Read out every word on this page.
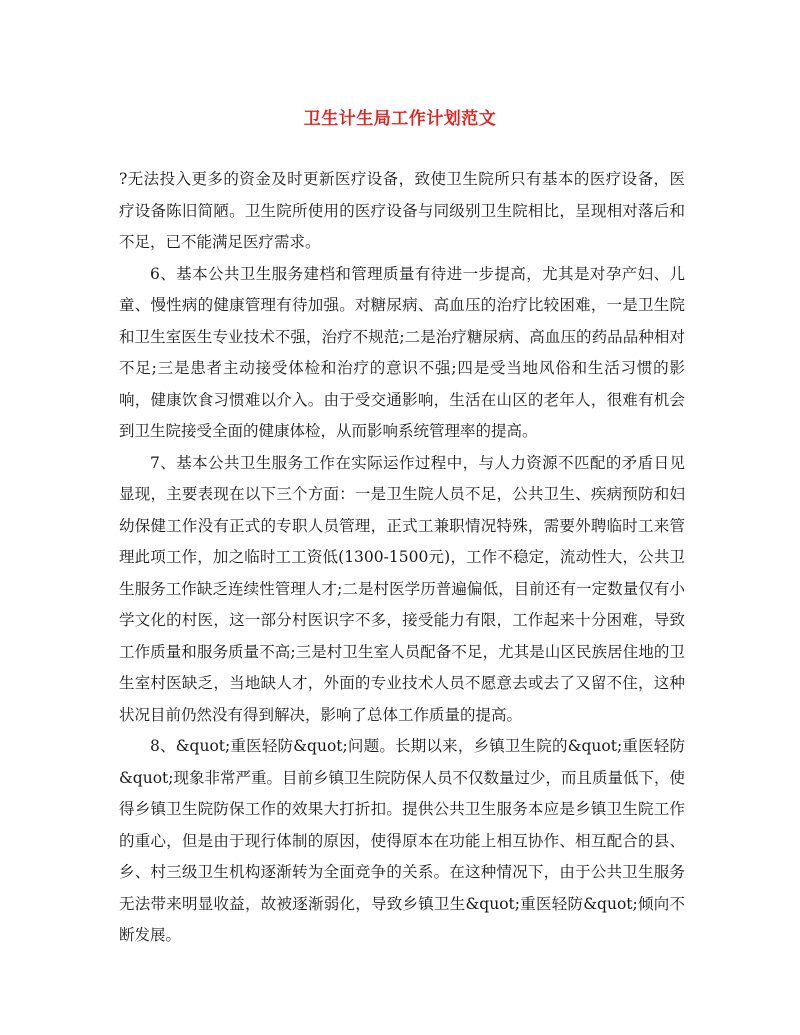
卫生计生局工作计划范文

?无法投入更多的资金及时更新医疗设备，致使卫生院所只有基本的医疗设备，医疗设备陈旧简陋。卫生院所使用的医疗设备与同级别卫生院相比，呈现相对落后和不足，已不能满足医疗需求。

6、基本公共卫生服务建档和管理质量有待进一步提高，尤其是对孕产妇、儿童、慢性病的健康管理有待加强。对糖尿病、高血压的治疗比较困难，一是卫生院和卫生室医生专业技术不强，治疗不规范;二是治疗糖尿病、高血压的药品品种相对不足;三是患者主动接受体检和治疗的意识不强;四是受当地风俗和生活习惯的影响，健康饮食习惯难以介入。由于受交通影响，生活在山区的老年人，很难有机会到卫生院接受全面的健康体检，从而影响系统管理率的提高。

7、基本公共卫生服务工作在实际运作过程中，与人力资源不匹配的矛盾日见显现，主要表现在以下三个方面：一是卫生院人员不足，公共卫生、疾病预防和妇幼保健工作没有正式的专职人员管理，正式工兼职情况特殊，需要外聘临时工来管理此项工作，加之临时工工资低(1300-1500元)，工作不稳定，流动性大，公共卫生服务工作缺乏连续性管理人才;二是村医学历普遍偏低，目前还有一定数量仅有小学文化的村医，这一部分村医识字不多，接受能力有限，工作起来十分困难，导致工作质量和服务质量不高;三是村卫生室人员配备不足，尤其是山区民族居住地的卫生室村医缺乏，当地缺人才，外面的专业技术人员不愿意去或去了又留不住，这种状况目前仍然没有得到解决，影响了总体工作质量的提高。

8、&quot;重医轻防&quot;问题。长期以来，乡镇卫生院的&quot;重医轻防&quot;现象非常严重。目前乡镇卫生院防保人员不仅数量过少，而且质量低下，使得乡镇卫生院防保工作的效果大打折扣。提供公共卫生服务本应是乡镇卫生院工作的重心，但是由于现行体制的原因，使得原本在功能上相互协作、相互配合的县、乡、村三级卫生机构逐渐转为全面竞争的关系。在这种情况下，由于公共卫生服务无法带来明显收益，故被逐渐弱化，导致乡镇卫生&quot;重医轻防&quot;倾向不断发展。
